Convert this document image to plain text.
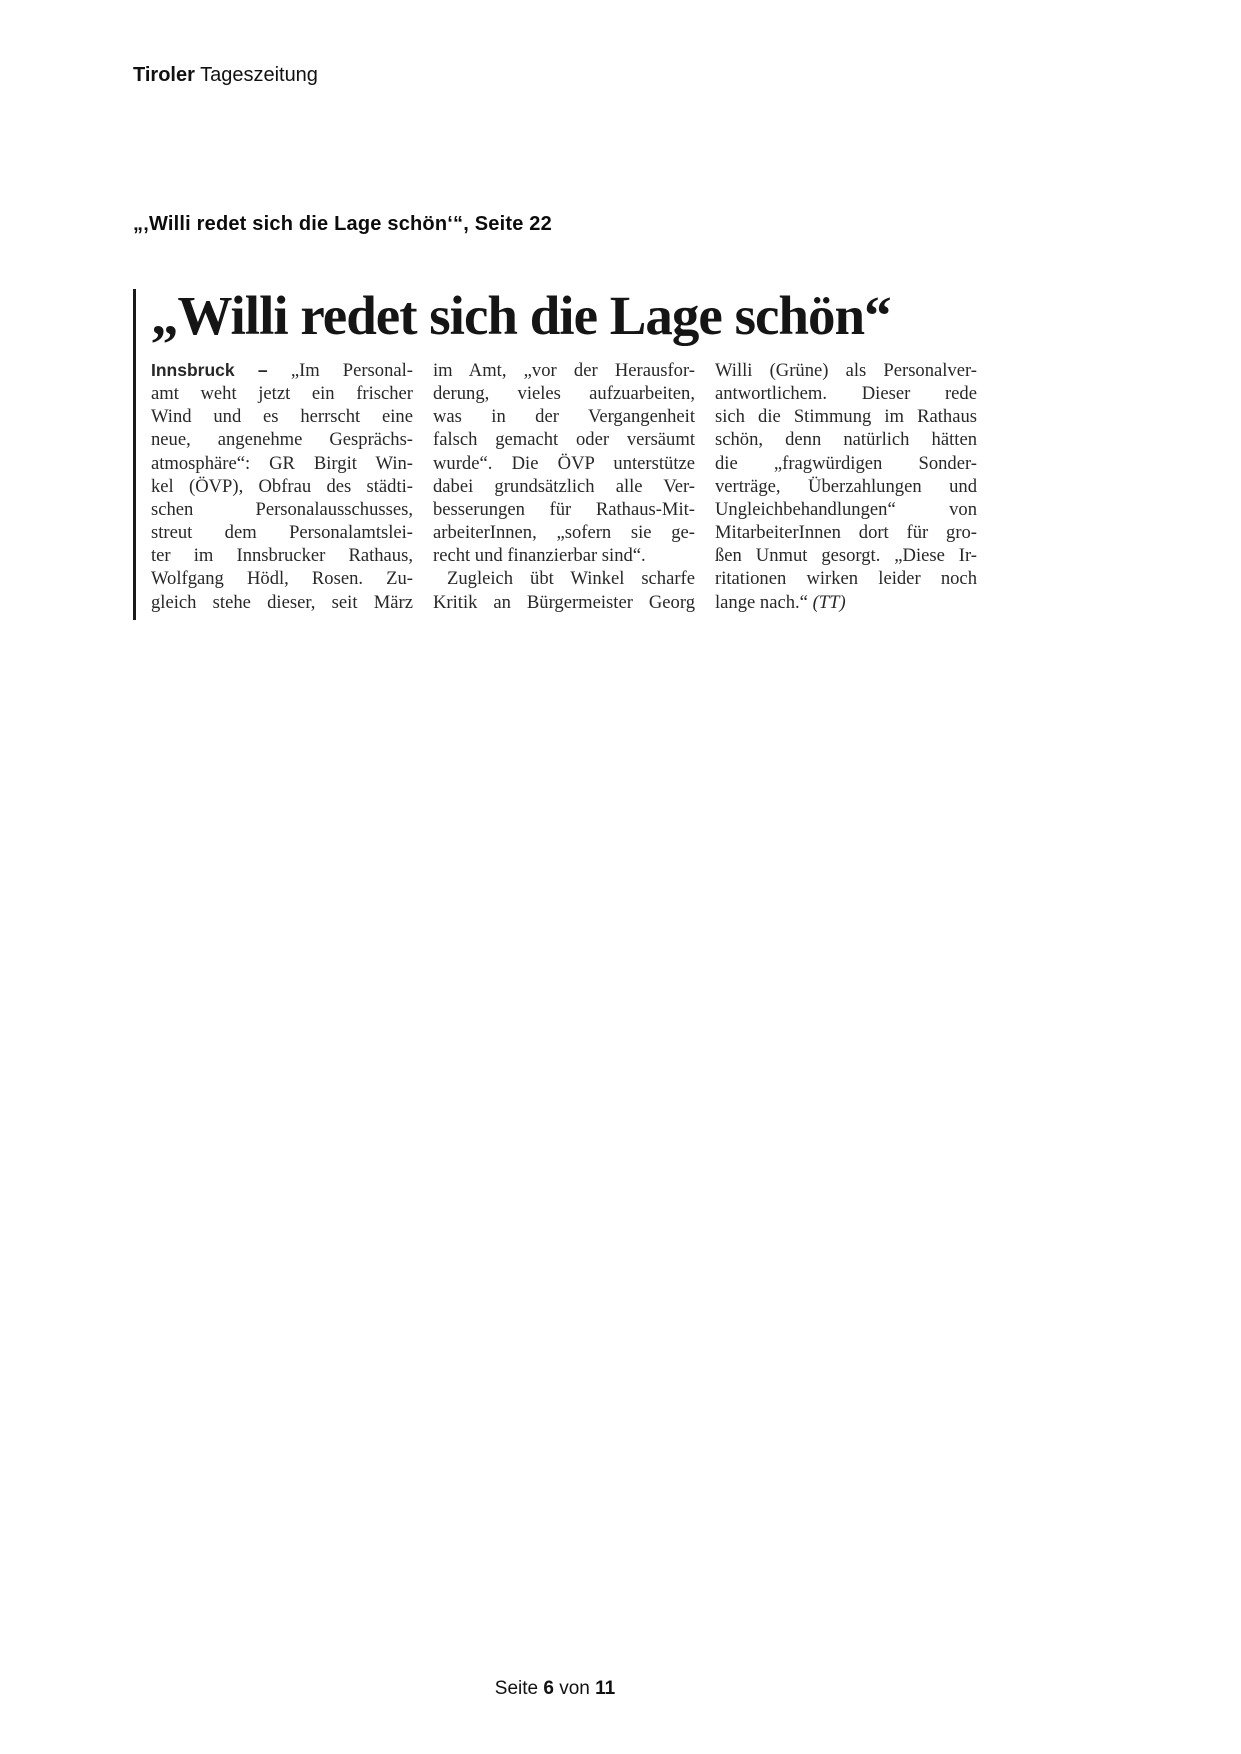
Tiroler Tageszeitung
„‚Willi redet sich die Lage schön‘“, Seite 22
„Willi redet sich die Lage schön“
Innsbruck – „Im Personal-
amt weht jetzt ein frischer
Wind und es herrscht eine
neue, angenehme Gesprächs-
atmosphäre“: GR Birgit Win-
kel (ÖVP), Obfrau des städti-
schen Personalausschusses,
streut dem Personalamtslei-
ter im Innsbrucker Rathaus,
Wolfgang Hödl, Rosen. Zu-
gleich stehe dieser, seit März
im Amt, „vor der Herausfor-
derung, vieles aufzuarbeiten,
was in der Vergangenheit
falsch gemacht oder versäumt
wurde“. Die ÖVP unterstütze
dabei grundsätzlich alle Ver-
besserungen für Rathaus-Mit-
arbeiterInnen, „sofern sie ge-
recht und finanzierbar sind“.
Zugleich übt Winkel scharfe
Kritik an Bürgermeister Georg
Willi (Grüne) als Personalver-
antwortlichem. Dieser rede
sich die Stimmung im Rathaus
schön, denn natürlich hätten
die „fragwürdigen Sonder-
verträge, Überzahlungen und
Ungleichbehandlungen“ von
MitarbeiterInnen dort für gro-
ßen Unmut gesorgt. „Diese Ir-
ritationen wirken leider noch
lange nach.“ (TT)
Seite 6 von 11
